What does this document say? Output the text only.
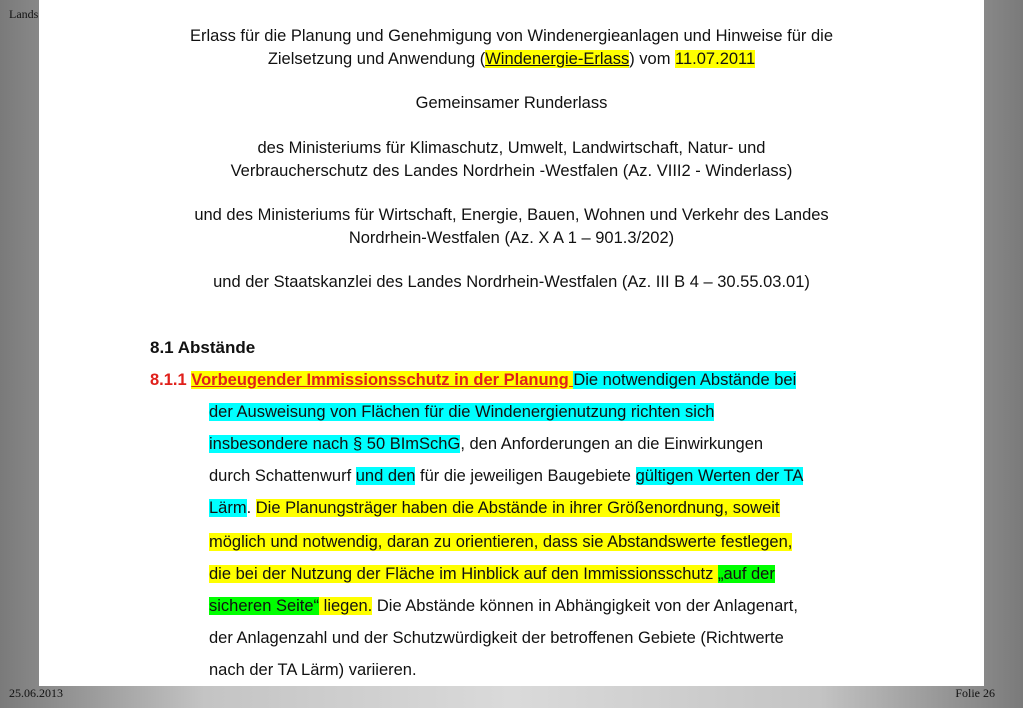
Lands
25.06.2013	Folie 26
Erlass für die Planung und Genehmigung von Windenergieanlagen und Hinweise für die
Zielsetzung und Anwendung (Windenergie-Erlass) vom 11.07.2011
Gemeinsamer Runderlass
des Ministeriums für Klimaschutz, Umwelt, Landwirtschaft, Natur- und
Verbraucherschutz des Landes Nordrhein -Westfalen (Az. VIII2 - Winderlass)
und des Ministeriums für Wirtschaft, Energie, Bauen, Wohnen und Verkehr des Landes
Nordrhein-Westfalen (Az. X A 1 – 901.3/202)
und der Staatskanzlei des Landes Nordrhein-Westfalen (Az. III B 4 – 30.55.03.01)
8.1 Abstände
8.1.1 Vorbeugender Immissionsschutz in der Planung Die notwendigen Abstände bei
der Ausweisung von Flächen für die Windenergienutzung richten sich
insbesondere nach § 50 BImSchG, den Anforderungen an die Einwirkungen
durch Schattenwurf und den für die jeweiligen Baugebiete gültigen Werten der TA
Lärm. Die Planungsträger haben die Abstände in ihrer Größenordnung, soweit
möglich und notwendig, daran zu orientieren, dass sie Abstandswerte festlegen,
die bei der Nutzung der Fläche im Hinblick auf den Immissionsschutz „auf der
sicheren Seite“ liegen. Die Abstände können in Abhängigkeit von der Anlagenart,
der Anlagenzahl und der Schutzwürdigkeit der betroffenen Gebiete (Richtwerte
nach der TA Lärm) variieren.
